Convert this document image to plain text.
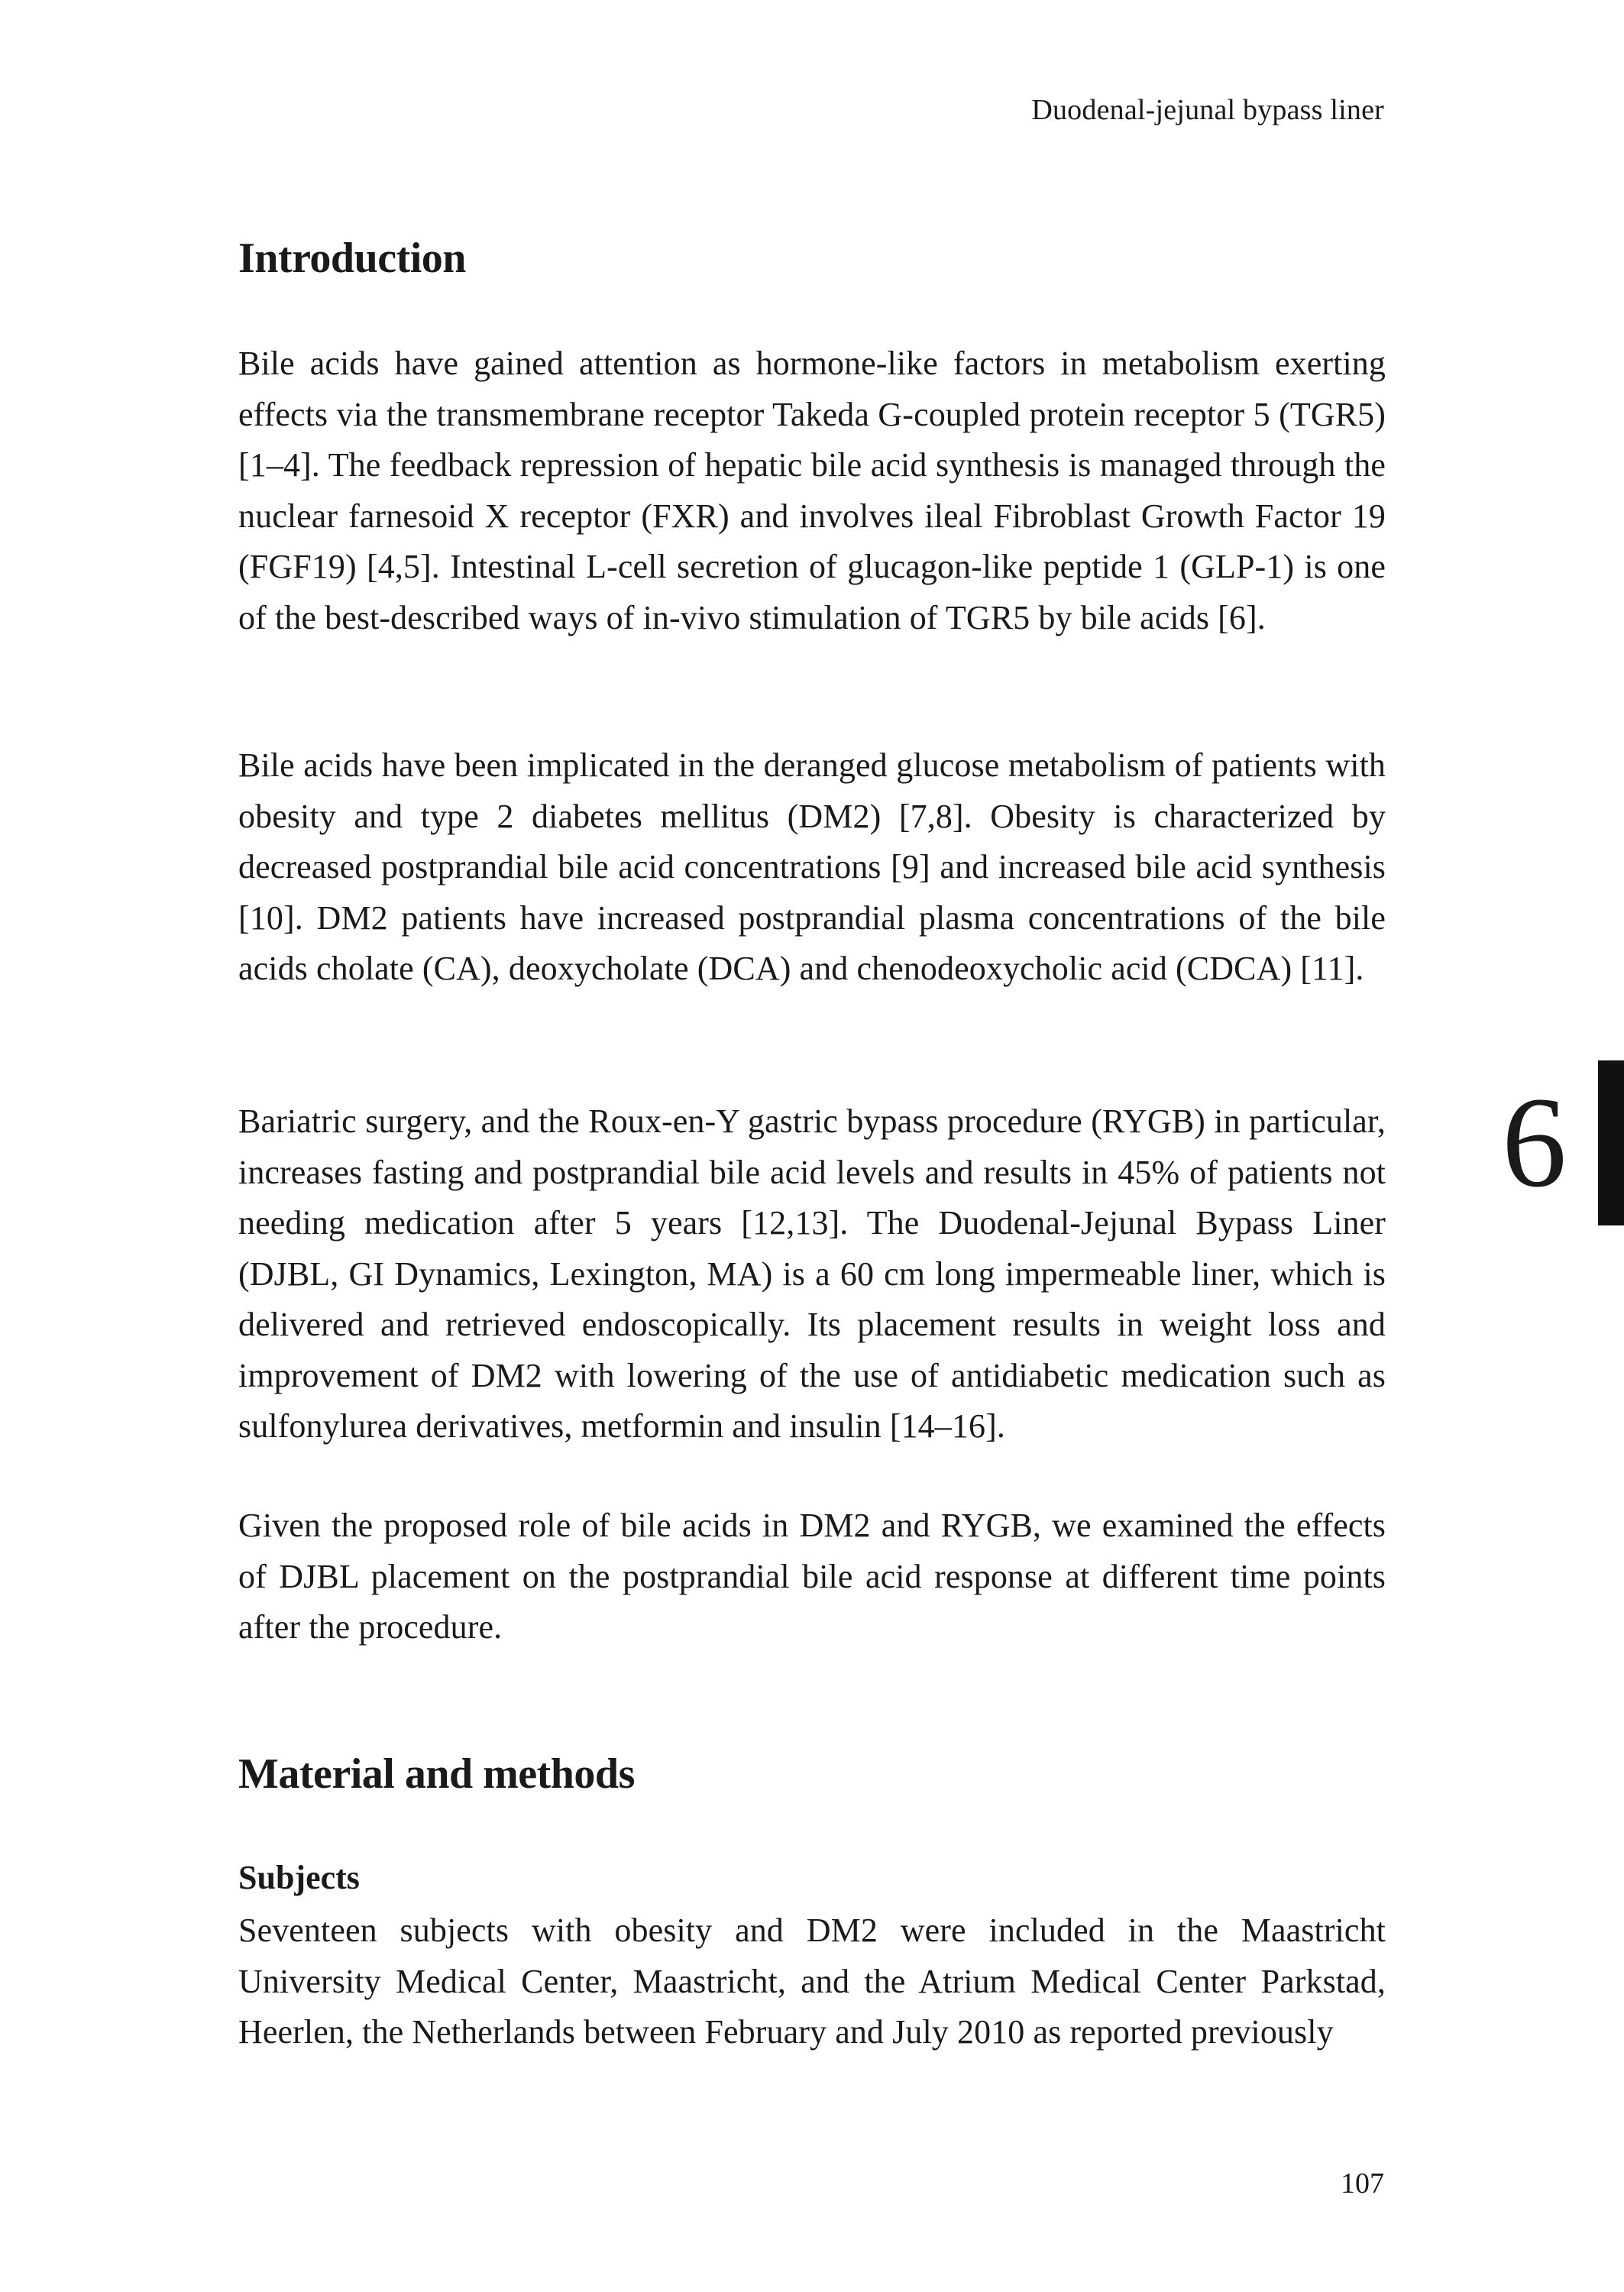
Duodenal-jejunal bypass liner
Introduction

Bile acids have gained attention as hormone-like factors in metabolism exerting effects via the transmembrane receptor Takeda G-coupled protein receptor 5 (TGR5) [1–4]. The feedback repression of hepatic bile acid synthesis is managed through the nuclear farnesoid X receptor (FXR) and involves ileal Fibroblast Growth Factor 19 (FGF19) [4,5]. Intestinal L-cell secretion of glucagon-like peptide 1 (GLP-1) is one of the best-described ways of in-vivo stimulation of TGR5 by bile acids [6].

Bile acids have been implicated in the deranged glucose metabolism of patients with obesity and type 2 diabetes mellitus (DM2) [7,8]. Obesity is characterized by decreased postprandial bile acid concentrations [9] and increased bile acid synthesis [10]. DM2 patients have increased postprandial plasma concentrations of the bile acids cholate (CA), deoxycholate (DCA) and chenodeoxycholic acid (CDCA) [11].

Bariatric surgery, and the Roux-en-Y gastric bypass procedure (RYGB) in particular, increases fasting and postprandial bile acid levels and results in 45% of patients not needing medication after 5 years [12,13]. The Duodenal-Jejunal Bypass Liner (DJBL, GI Dynamics, Lexington, MA) is a 60 cm long impermeable liner, which is delivered and retrieved endoscopically. Its placement results in weight loss and improvement of DM2 with lowering of the use of antidiabetic medication such as sulfonylurea derivatives, metformin and insulin [14–16].

Given the proposed role of bile acids in DM2 and RYGB, we examined the effects of DJBL placement on the postprandial bile acid response at different time points after the procedure.

Material and methods
Subjects

Seventeen subjects with obesity and DM2 were included in the Maastricht University Medical Center, Maastricht, and the Atrium Medical Center Parkstad, Heerlen, the Netherlands between February and July 2010 as reported previously

6
107
